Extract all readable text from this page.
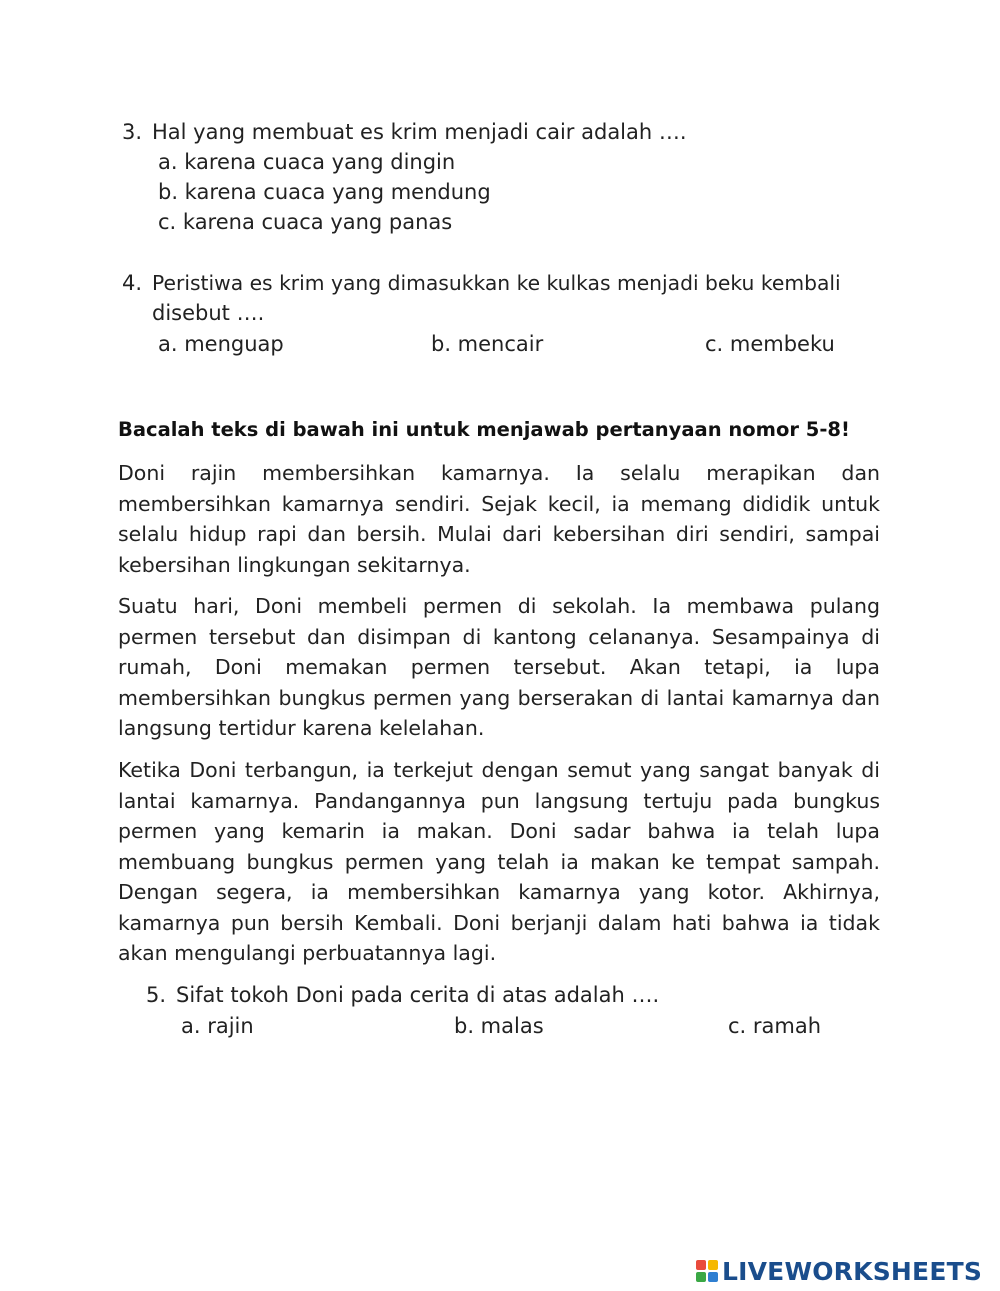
3. Hal yang membuat es krim menjadi cair adalah ….
a. karena cuaca yang dingin
b. karena cuaca yang mendung
c. karena cuaca yang panas
4. Peristiwa es krim yang dimasukkan ke kulkas menjadi beku kembali
disebut ….
a. menguap	b. mencair	c. membeku
Bacalah teks di bawah ini untuk menjawab pertanyaan nomor 5-8!
Doni rajin membersihkan kamarnya. Ia selalu merapikan dan membersihkan kamarnya sendiri. Sejak kecil, ia memang dididik untuk selalu hidup rapi dan bersih. Mulai dari kebersihan diri sendiri, sampai kebersihan lingkungan sekitarnya.
Suatu hari, Doni membeli permen di sekolah. Ia membawa pulang permen tersebut dan disimpan di kantong celananya. Sesampainya di rumah, Doni memakan permen tersebut. Akan tetapi, ia lupa membersihkan bungkus permen yang berserakan di lantai kamarnya dan langsung tertidur karena kelelahan.
Ketika Doni terbangun, ia terkejut dengan semut yang sangat banyak di lantai kamarnya. Pandangannya pun langsung tertuju pada bungkus permen yang kemarin ia makan. Doni sadar bahwa ia telah lupa membuang bungkus permen yang telah ia makan ke tempat sampah. Dengan segera, ia membersihkan kamarnya yang kotor. Akhirnya, kamarnya pun bersih Kembali. Doni berjanji dalam hati bahwa ia tidak akan mengulangi perbuatannya lagi.
5. Sifat tokoh Doni pada cerita di atas adalah ….
a. rajin	b. malas	c. ramah
LIVEWORKSHEETS
